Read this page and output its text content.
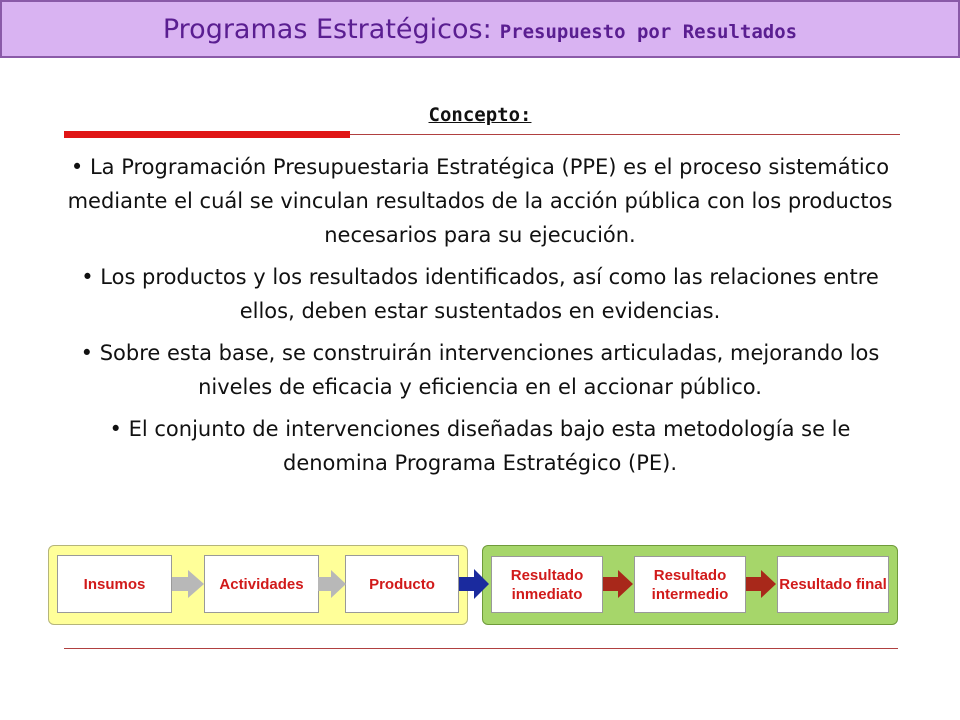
Programas Estratégicos: Presupuesto por Resultados
Concepto:

• La Programación Presupuestaria Estratégica (PPE) es el proceso sistemático mediante el cuál se vinculan resultados de la acción pública con los productos necesarios para su ejecución.

• Los productos y los resultados identificados, así como las relaciones entre ellos, deben estar sustentados en evidencias.

• Sobre esta base, se construirán intervenciones articuladas, mejorando los niveles de eficacia y eficiencia en el accionar público.

• El conjunto de intervenciones diseñadas bajo esta metodología se le denomina Programa Estratégico (PE).

Insumos	Actividades	Producto
Resultado inmediato
Resultado intermedio
Resultado final
